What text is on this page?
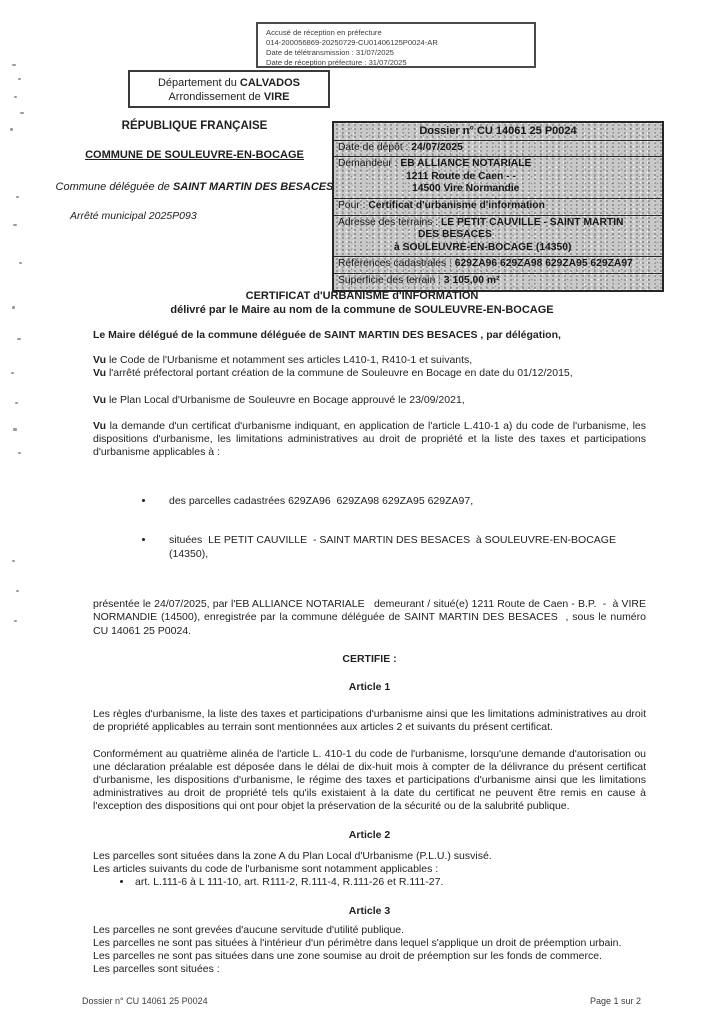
Accusé de réception en préfecture
014-200056869-20250729-CU01406125P0024-AR
Date de télétransmission : 31/07/2025
Date de réception préfecture : 31/07/2025
Département du CALVADOS
Arrondissement de VIRE
RÉPUBLIQUE FRANÇAISE
COMMUNE DE SOULEUVRE-EN-BOCAGE
Commune déléguée de SAINT MARTIN DES BESACES
Arrêté municipal 2025P093
Dossier n° CU 14061 25 P0024
Date de dépôt : 24/07/2025
Demandeur : EB ALLIANCE NOTARIALE
1211 Route de Caen - -
14500 Vire Normandie
Pour : Certificat d'urbanisme d'information
Adresse des terrains : LE PETIT CAUVILLE - SAINT MARTIN
DES BESACES
à SOULEUVRE-EN-BOCAGE (14350)
Références cadastrales : 629ZA96 629ZA98 629ZA95 629ZA97
Superficie des terrain : 3 105,00 m²
CERTIFICAT d'URBANISME d'INFORMATION
délivré par le Maire au nom de la commune de SOULEUVRE-EN-BOCAGE

Le Maire délégué de la commune déléguée de SAINT MARTIN DES BESACES , par délégation,

Vu le Code de l'Urbanisme et notamment ses articles L410-1, R410-1 et suivants,
Vu l'arrêté préfectoral portant création de la commune de Souleuvre en Bocage en date du 01/12/2015,

Vu le Plan Local d'Urbanisme de Souleuvre en Bocage approuvé le 23/09/2021,

Vu la demande d'un certificat d'urbanisme indiquant, en application de l'article L.410-1 a) du code de l'urbanisme, les dispositions d'urbanisme, les limitations administratives au droit de propriété et la liste des taxes et participations d'urbanisme applicables à :

• des parcelles cadastrées 629ZA96  629ZA98 629ZA95 629ZA97,

• situées  LE PETIT CAUVILLE  - SAINT MARTIN DES BESACES  à SOULEUVRE-EN-BOCAGE (14350),

présentée le 24/07/2025, par l'EB ALLIANCE NOTARIALE   demeurant / situé(e) 1211 Route de Caen - B.P.  -  à VIRE NORMANDIE (14500), enregistrée par la commune déléguée de SAINT MARTIN DES BESACES  , sous le numéro CU 14061 25 P0024.

CERTIFIE :

Article 1

Les règles d'urbanisme, la liste des taxes et participations d'urbanisme ainsi que les limitations administratives au droit de propriété applicables au terrain sont mentionnées aux articles 2 et suivants du présent certificat.

Conformément au quatrième alinéa de l'article L. 410-1 du code de l'urbanisme, lorsqu'une demande d'autorisation ou une déclaration préalable est déposée dans le délai de dix-huit mois à compter de la délivrance du présent certificat d'urbanisme, les dispositions d'urbanisme, le régime des taxes et participations d'urbanisme ainsi que les limitations administratives au droit de propriété tels qu'ils existaient à la date du certificat ne peuvent être remis en cause à l'exception des dispositions qui ont pour objet la préservation de la sécurité ou de la salubrité publique.

Article 2

Les parcelles sont situées dans la zone A du Plan Local d'Urbanisme (P.L.U.) susvisé.

Les articles suivants du code de l'urbanisme sont notamment applicables :

• art. L.111-6 à L 111-10, art. R111-2, R.111-4, R.111-26 et R.111-27.

Article 3

Les parcelles ne sont grevées d'aucune servitude d'utilité publique.

Les parcelles ne sont pas situées à l'intérieur d'un périmètre dans lequel s'applique un droit de préemption urbain.

Les parcelles ne sont pas situées dans une zone soumise au droit de préemption sur les fonds de commerce.

Les parcelles sont situées :

Dossier n° CU 14061 25 P0024	Page 1 sur 2
